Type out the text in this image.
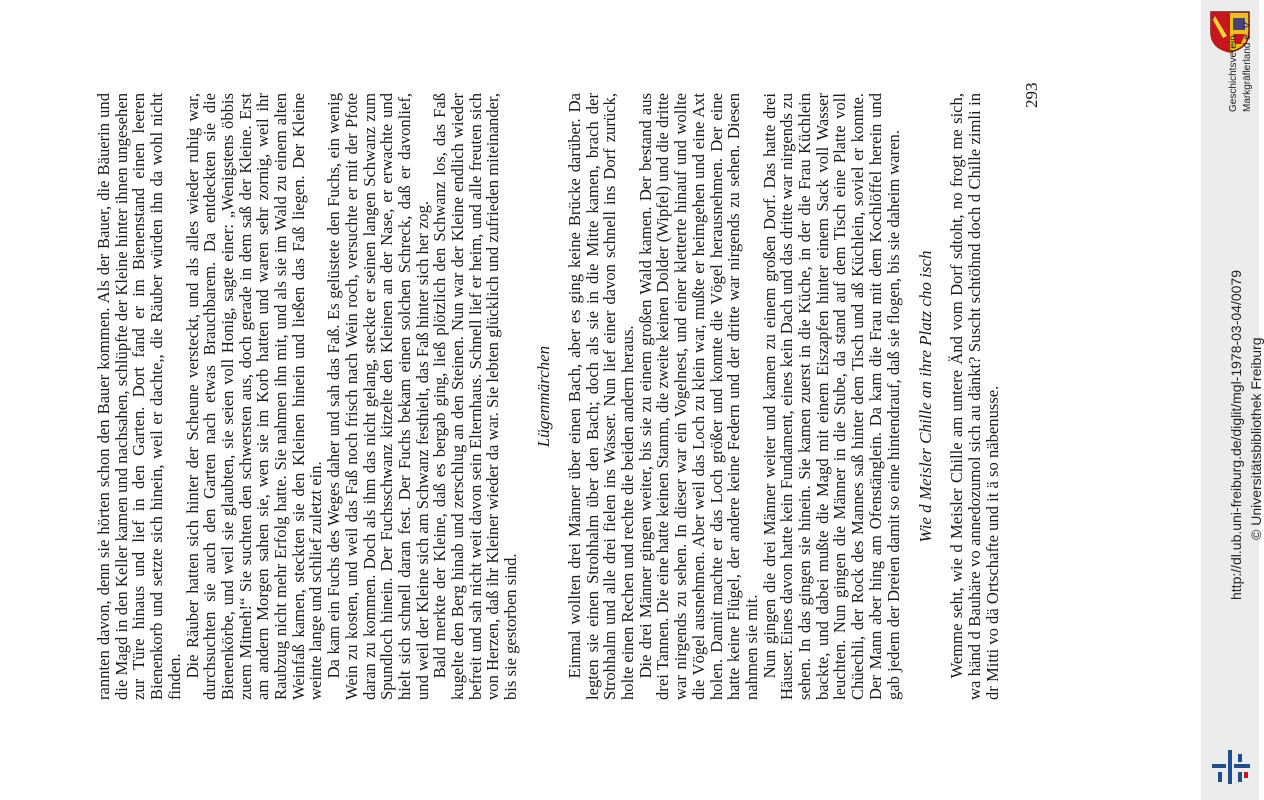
rannten davon, denn sie hörten schon den Bauer kommen. Als der Bauer, die Bäuerin und die Magd in den Keller kamen und nachsahen, schlüpfte der Kleine hinter ihnen ungesehen zur Türe hinaus und lief in den Garten. Dort fand er im Bienenstand einen leeren Bienenkorb und setzte sich hinein, weil er dachte,, die Räuber würden ihn da wohl nicht finden.

Die Räuber hatten sich hinter der Scheune versteckt, und als alles wieder ruhig war, durchsuchten sie auch den Garten nach etwas Brauchbarem. Da entdeckten sie die Bienenkörbe, und weil sie glaubten, sie seien voll Honig, sagte einer: „Wenigstens öbbis zuem Mitneh!“ Sie suchten den schwersten aus, doch gerade in dem saß der Kleine. Erst am andern Morgen sahen sie, wen sie im Korb hatten und waren sehr zornig, weil ihr Raubzug nicht mehr Erfolg hatte. Sie nahmen ihn mit, und als sie im Wald zu einem alten Weinfaß kamen, steckten sie den Kleinen hinein und ließen das Faß liegen. Der Kleine weinte lange und schlief zuletzt ein.

Da kam ein Fuchs des Weges daher und sah das Faß. Es gelüstete den Fuchs, ein wenig Wein zu kosten, und weil das Faß noch frisch nach Wein roch, versuchte er mit der Pfote daran zu kommen. Doch als ihm das nicht gelang, steckte er seinen langen Schwanz zum Spundloch hinein. Der Fuchsschwanz kitzelte den Kleinen an der Nase, er erwachte und hielt sich schnell daran fest. Der Fuchs bekam einen solchen Schreck, daß er davonlief, und weil der Kleine sich am Schwanz festhielt, das Faß hinter sich her zog.

Bald merkte der Kleine, daß es bergab ging, ließ plötzlich den Schwanz los, das Faß kugelte den Berg hinab und zerschlug an den Steinen. Nun war der Kleine endlich wieder befreit und sah nicht weit davon sein Elternhaus. Schnell lief er heim, und alle freuten sich von Herzen, daß ihr Kleiner wieder da war. Sie lebten glücklich und zufrieden miteinander, bis sie gestorben sind.

Lügenmärchen Einmal wollten drei Männer über einen Bach, aber es ging keine Brücke darüber. Da legten sie einen Strohhalm über den Bach; doch als sie in die Mitte kamen, brach der Strohhalm und alle drei fielen ins Wasser. Nun lief einer davon schnell ins Dorf zurück, holte einen Rechen und rechte die beiden andern heraus.

Die drei Männer gingen weiter, bis sie zu einem großen Wald kamen. Der bestand aus drei Tannen. Die eine hatte keinen Stamm, die zweite keinen Dolder (Wipfel) und die dritte war nirgends zu sehen. In dieser war ein Vogelnest, und einer kletterte hinauf und wollte die Vögel ausnehmen. Aber weil das Loch zu klein war, mußte er heimgehen und eine Axt holen. Damit machte er das Loch größer und konnte die Vögel herausnehmen. Der eine hatte keine Flügel, der andere keine Federn und der dritte war nirgends zu sehen. Diesen nahmen sie mit.

Nun gingen die drei Männer weiter und kamen zu einem großen Dorf. Das hatte drei Häuser. Eines davon hatte kein Fundament, eines kein Dach und das dritte war nirgends zu sehen. In das gingen sie hinein. Sie kamen zuerst in die Küche, in der die Frau Küchlein backte, und dabei mußte die Magd mit einem Eiszapfen hinter einem Sack voll Wasser leuchten. Nun gingen die Männer in die Stube, da stand auf dem Tisch eine Platte voll Chüechli, der Rock des Mannes saß hinter dem Tisch und aß Küchlein, soviel er konnte. Der Mann aber hing am Ofenstänglein. Da kam die Frau mit dem Kochlöffel herein und gab jedem der Dreien damit so eine hintendrauf, daß sie flogen, bis sie daheim waren. Wie d Meisler Chille an ihre Platz cho isch Wemme seht, wie d Meisler Chille am untere Änd vom Dorf sdtoht, no frogt me sich, wa händ d Bauhäre vo annedozumol sich au dänkt? Suscht schtöhnd doch d Chille zimli in dr Mitti vo dä Ortschafte und it ä so näbenusse.

293	Geschichtsverein Markgräflerland e. V.
http://dl.ub.uni-freiburg.de/diglit/mgl-1978-03-04/0079 © Universitätsbibliothek Freiburg
